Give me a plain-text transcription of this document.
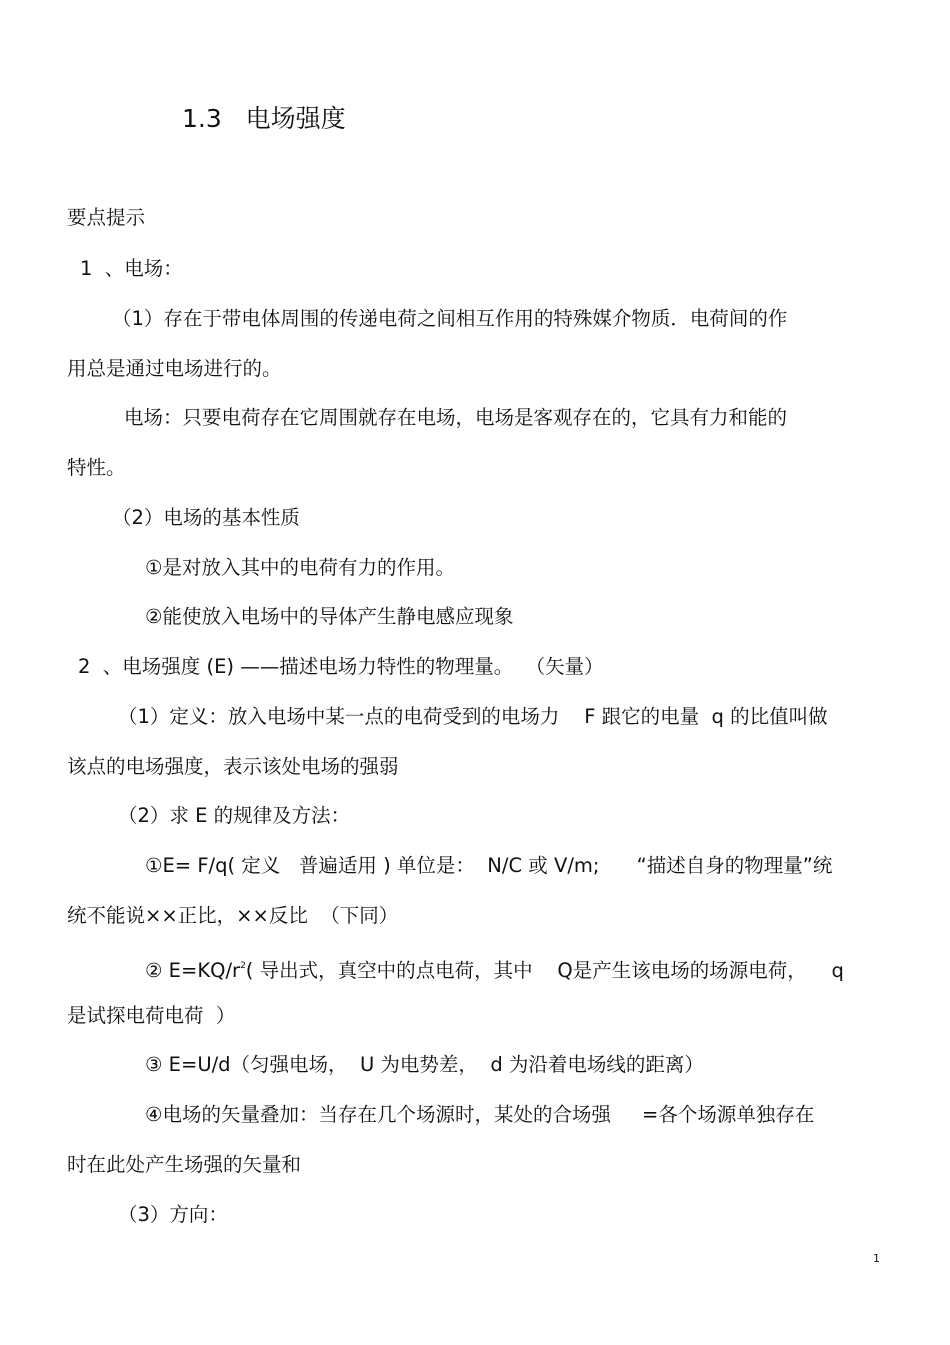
1.3   电场强度
要点提示
1  、电场：
（1）存在于带电体周围的传递电荷之间相互作用的特殊媒介物质．电荷间的作
用总是通过电场进行的。
电场：只要电荷存在它周围就存在电场，电场是客观存在的，它具有力和能的
特性。
（2）电场的基本性质
①是对放入其中的电荷有力的作用。
②能使放入电场中的导体产生静电感应现象
2  、电场强度 (E) ——描述电场力特性的物理量。  （矢量）
（1）定义：放入电场中某一点的电荷受到的电场力    F 跟它的电量  q 的比值叫做
该点的电场强度，表示该处电场的强弱
（2）求 E 的规律及方法：
①E= F/q( 定义   普遍适用 ) 单位是：  N/C 或 V/m;      “描述自身的物理量”统
统不能说××正比，××反比  （下同）
② $E=KQ/r^2$( 导出式，真空中的点电荷，其中    Q是产生该电场的场源电荷，    q
是试探电荷电荷  ）
③ E=U/d（匀强电场，  U 为电势差，  d 为沿着电场线的距离）
④电场的矢量叠加：当存在几个场源时，某处的合场强     =各个场源单独存在
时在此处产生场强的矢量和
（3）方向：
1
